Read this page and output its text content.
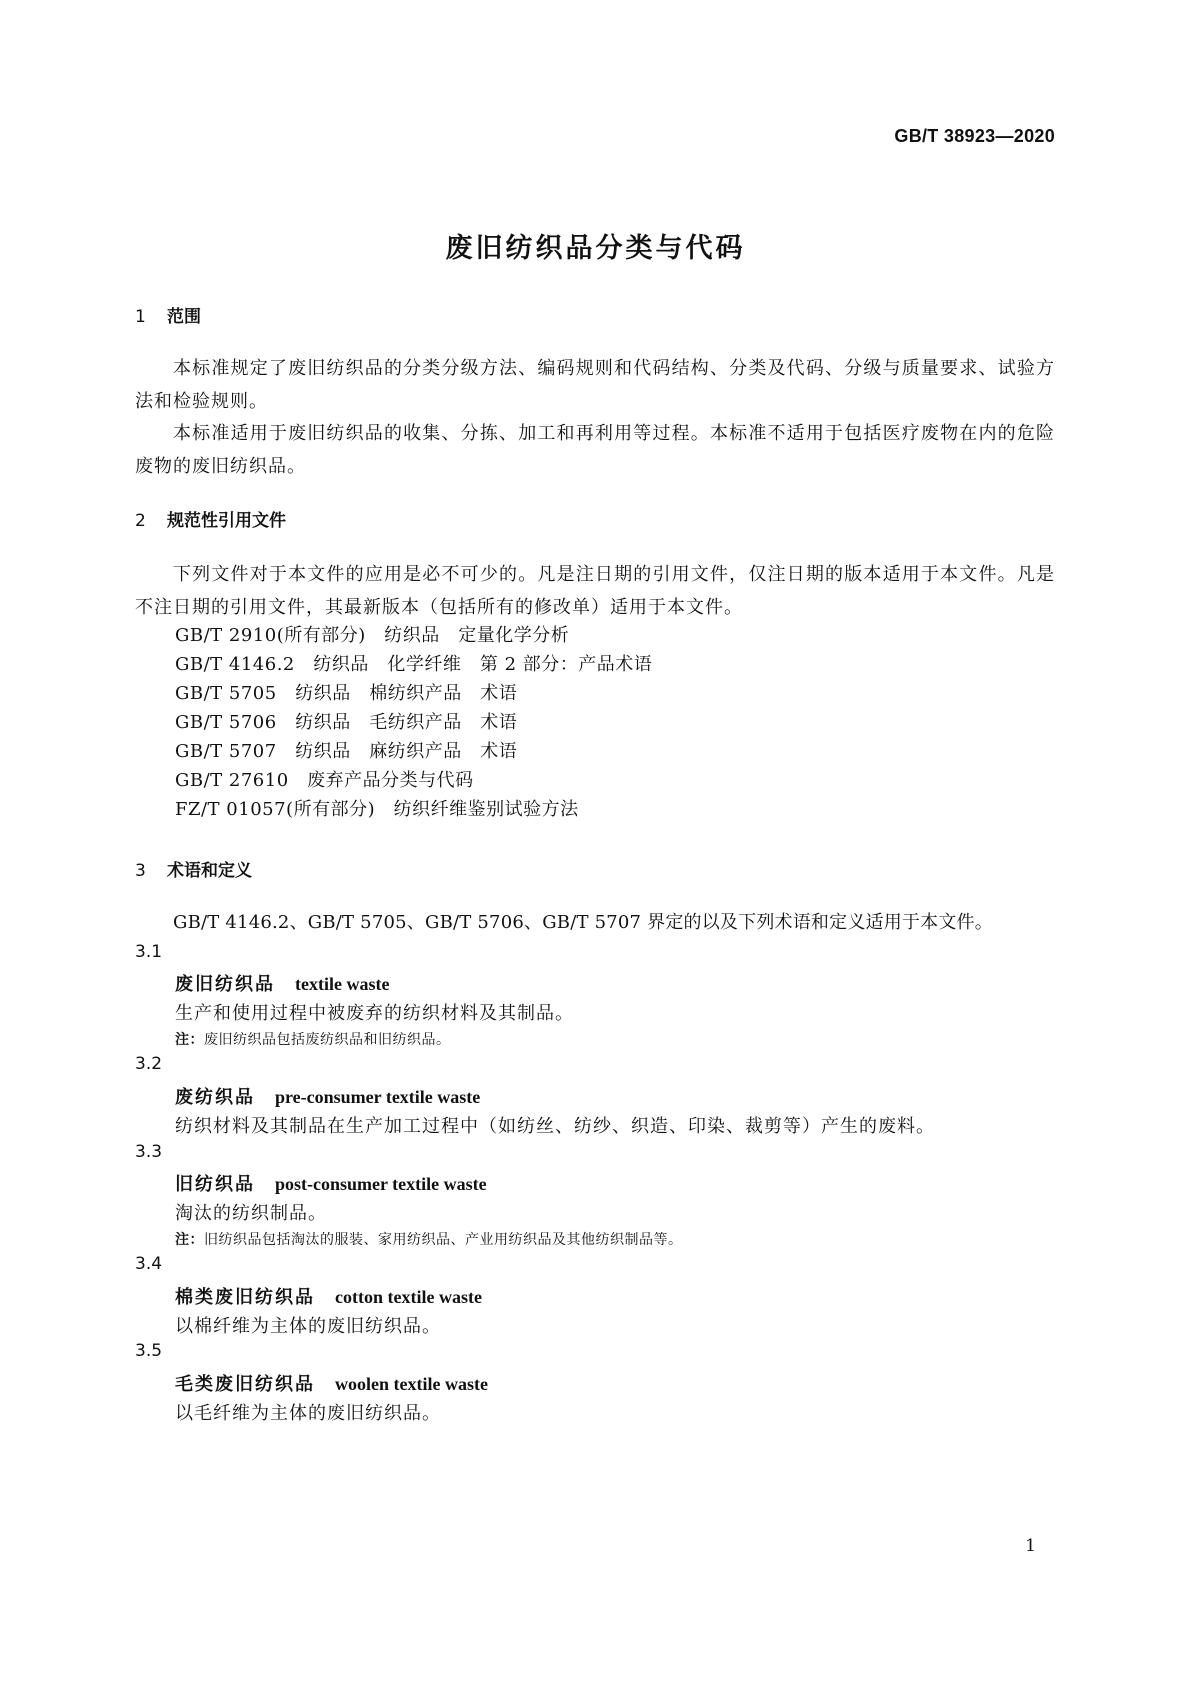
GB/T 38923—2020
废旧纺织品分类与代码
1 范围
本标准规定了废旧纺织品的分类分级方法、编码规则和代码结构、分类及代码、分级与质量要求、试验方法和检验规则。
本标准适用于废旧纺织品的收集、分拣、加工和再利用等过程。本标准不适用于包括医疗废物在内的危险废物的废旧纺织品。
2 规范性引用文件
下列文件对于本文件的应用是必不可少的。凡是注日期的引用文件，仅注日期的版本适用于本文件。凡是不注日期的引用文件，其最新版本（包括所有的修改单）适用于本文件。
GB/T 2910(所有部分)　纺织品　定量化学分析
GB/T 4146.2　纺织品　化学纤维　第 2 部分：产品术语
GB/T 5705　纺织品　棉纺织产品　术语
GB/T 5706　纺织品　毛纺织产品　术语
GB/T 5707　纺织品　麻纺织产品　术语
GB/T 27610　废弃产品分类与代码
FZ/T 01057(所有部分)　纺织纤维鉴别试验方法
3 术语和定义
GB/T 4146.2、GB/T 5705、GB/T 5706、GB/T 5707 界定的以及下列术语和定义适用于本文件。
3.1
废旧纺织品 textile waste
生产和使用过程中被废弃的纺织材料及其制品。
注：废旧纺织品包括废纺织品和旧纺织品。
3.2
废纺织品 pre-consumer textile waste
纺织材料及其制品在生产加工过程中（如纺丝、纺纱、织造、印染、裁剪等）产生的废料。
3.3
旧纺织品 post-consumer textile waste
淘汰的纺织制品。
注：旧纺织品包括淘汰的服装、家用纺织品、产业用纺织品及其他纺织制品等。
3.4
棉类废旧纺织品 cotton textile waste
以棉纤维为主体的废旧纺织品。
3.5
毛类废旧纺织品 woolen textile waste
以毛纤维为主体的废旧纺织品。
1
